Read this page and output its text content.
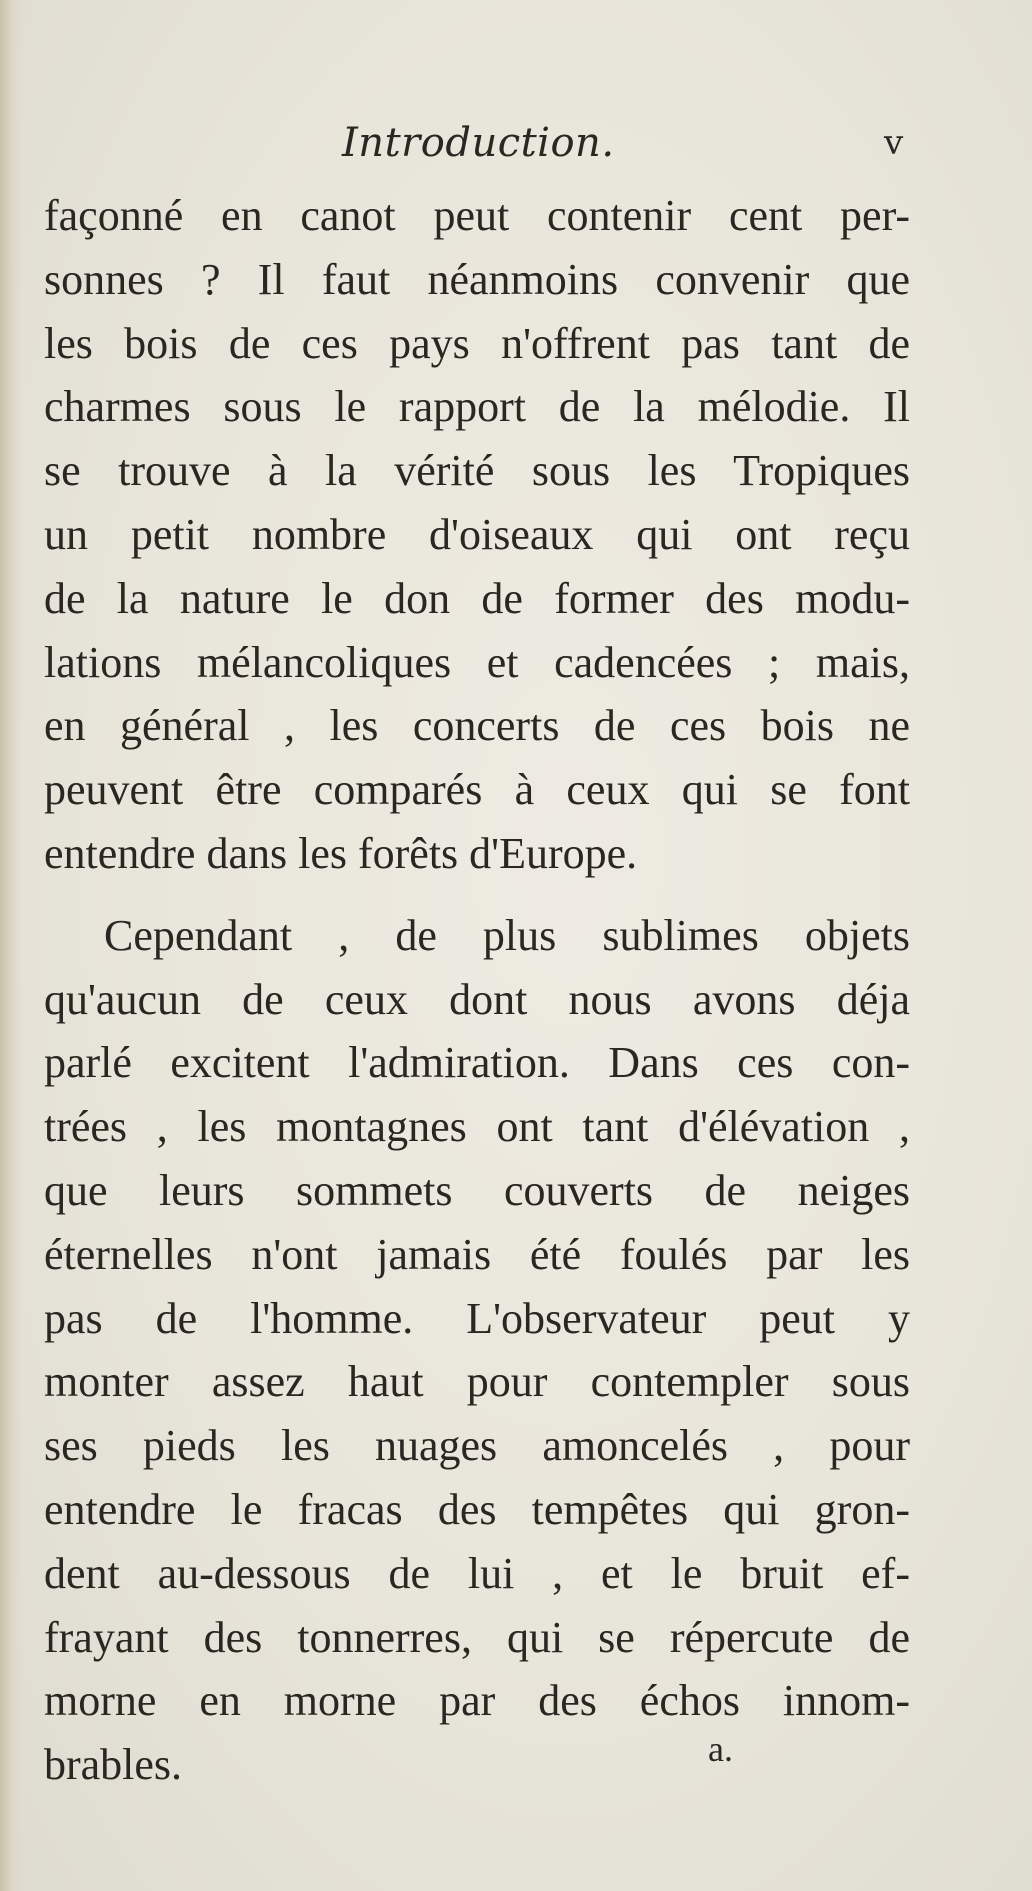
Introduction.	v
façonné en canot peut contenir cent per-
sonnes ? Il faut néanmoins convenir que
les bois de ces pays n'offrent pas tant de
charmes sous le rapport de la mélodie. Il
se trouve à la vérité sous les Tropiques
un petit nombre d'oiseaux qui ont reçu
de la nature le don de former des modu-
lations mélancoliques et cadencées ; mais,
en général , les concerts de ces bois ne
peuvent être comparés à ceux qui se font
entendre dans les forêts d'Europe.
Cependant , de plus sublimes objets
qu'aucun de ceux dont nous avons déja
parlé excitent l'admiration. Dans ces con-
trées , les montagnes ont tant d'élévation ,
que leurs sommets couverts de neiges
éternelles n'ont jamais été foulés par les
pas de l'homme. L'observateur peut y
monter assez haut pour contempler sous
ses pieds les nuages amoncelés , pour
entendre le fracas des tempêtes qui gron-
dent au-dessous de lui , et le bruit ef-
frayant des tonnerres, qui se répercute de
morne en morne par des échos innom-
brables.	a.
